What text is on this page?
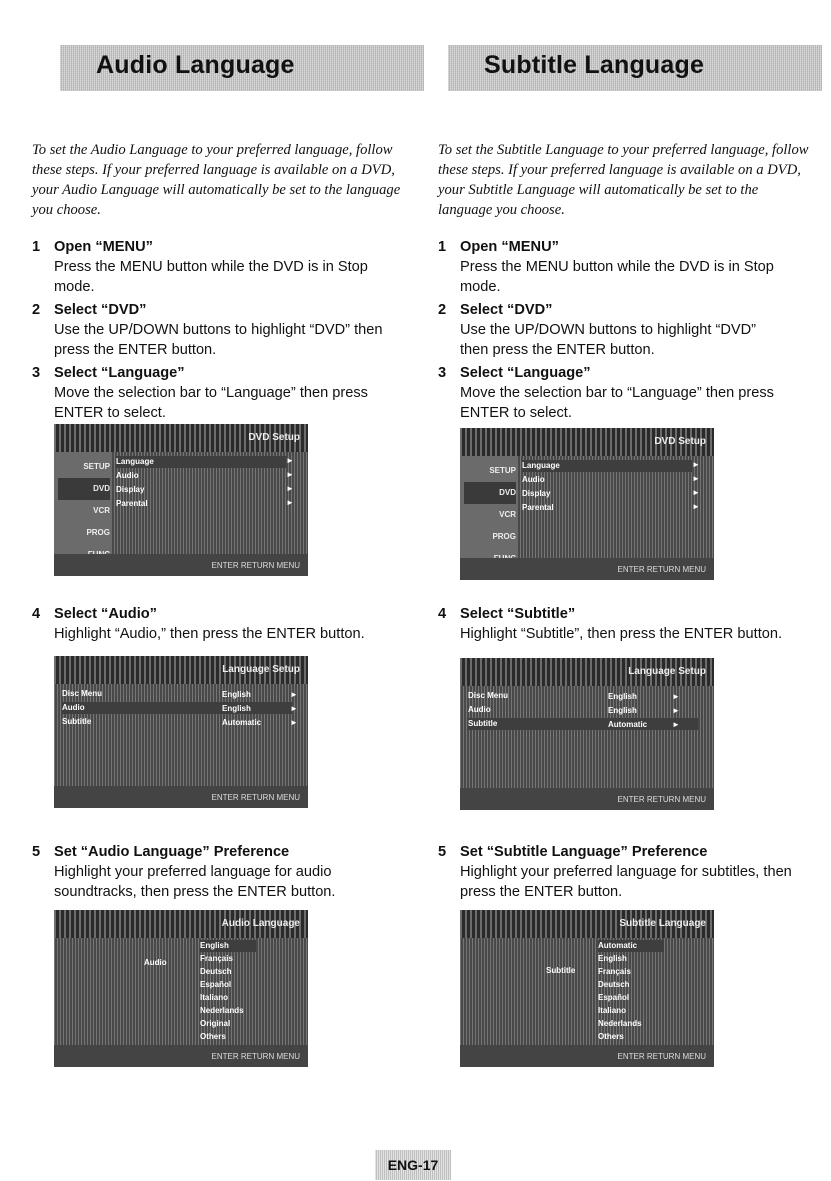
Audio Language
To set the Audio Language to your preferred language, follow these steps. If your preferred language is available on a DVD, your Audio Language will automatically be set to the language you choose.
1 Open “MENU”
Press the MENU button while the DVD is in Stop mode.
2 Select “DVD”
Use the UP/DOWN buttons to highlight “DVD” then press the ENTER button.
3 Select “Language”
Move the selection bar to “Language” then press ENTER to select.
DVD Setup
SETUP
DVD
VCR
PROG
Language
Audio
Display
Parental
►
►
►
►
ENTER RETURN MENU
4 Select “Audio”
Highlight “Audio,” then press the ENTER button.
Language Setup
Disc Menu
Audio
Subtitle
English
English
Automatic
►
►
►
ENTER RETURN MENU
5 Set “Audio Language” Preference
Highlight your preferred language for audio soundtracks, then press the ENTER button.
Audio Language
Audio
English
Français
Deutsch
Español
Italiano
Nederlands
Original
Others
ENTER RETURN MENU
Subtitle Language
To set the Subtitle Language to your preferred language, follow these steps. If your preferred language is available on a DVD, your Subtitle Language will automatically be set to the language you choose.
1 Open “MENU”
Press the MENU button while the DVD is in Stop mode.
2 Select “DVD”
Use the UP/DOWN buttons to highlight “DVD” then press the ENTER button.
3 Select “Language”
Move the selection bar to “Language” then press ENTER to select.
DVD Setup
SETUP
DVD
VCR
PROG
Language
Audio
Display
Parental
►
►
►
►
ENTER RETURN MENU
4 Select “Subtitle”
Highlight “Subtitle”, then press the ENTER button.
Language Setup
Disc Menu
Audio
Subtitle
English
English
Automatic
►
►
►
ENTER RETURN MENU
5 Set “Subtitle Language” Preference
Highlight your preferred language for subtitles, then press the ENTER button.
Subtitle Language
Subtitle
Automatic
English
Français
Deutsch
Español
Italiano
Nederlands
Others
ENTER RETURN MENU
ENG-17
